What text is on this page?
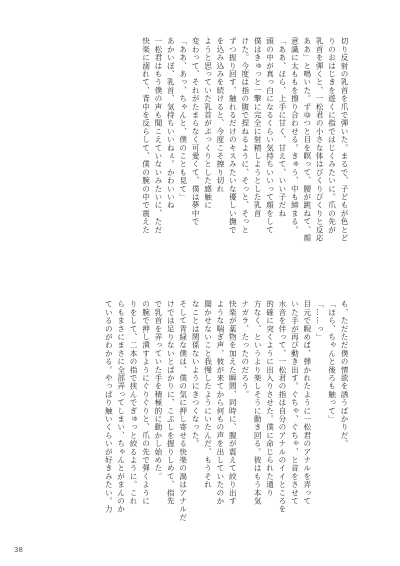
切り反射の乳首を爪で弾いた。まるで、子どもが色とど
りのおはじきを遊くに指ではじくみたいに。爪の先が
乳首を弾くと、一松君の小さな体はびくりびくりと反応
ああ」と鳴いた。ずゆつと目を瞑って、腰が跳ねて、顔
意識に太ももを擦り合わせる。きゅう、中も締まる。
「ああ、ほら、上手に甘く、甘えて、いい子だね
頭の中が真っ白になるくらい気持ちいいって顔をして
僕はきゅっと一撃に完全に射精しようとした乳首
けた。今度は指の腹で捏ねるように、そっと、そっと
ずつ振り回す、触れるだけのキスみたいな優しい撫で
を込み込みを続けると、今度こそ擦り切れ
ようと思っていた乳首がぷっくりとした感触に
変わって、それがたまらなく可愛くて、僕は夢中で
「ああ、あっ、ちゃんと、僕のことも見て」
あかいぼ、乳首、気持ちいいねぇ。かわいいね
一松君はもう僕の声も聞こえていないみたいに、ただ
快楽に溺れて、背中を反らして、僕の腕の中で震えた
も、ただただ僕の情欲を誘うばかりだ。
「ほら、ちゃんと後ろも触って」
「……っ」
目元で睨めば、弾かれたように一松君のアナルを弄って
いた手が再び動き出す。ぐちゃ、ぐちゃ、と音をさせて
水音を伴って、一松君の指は自分のアナルのイイところを
的確に突くように出入りさせた。僕に命じられた通り
方なく、というより楽しそうに動き回る。彼はもう本気
ナガラ、たったのだろう。
快楽が薬物を加えた瞬間、同時に、腹が震えて絞り出す
ような喘ぎ声、彼が来てから何もの声を出していたのか
聞かせないこと我慢したようにいたんだ、もうそれ
なことは関係ないようにきつくなった。
そして青緑な僕は、僕の気に押し寄せる快楽の渦はアナルだ
けでは足りないとばかりに、こぶしを握りしめて、指先
で乳首を弄っていた手を積極的に動かし始めた。
の腕で押し潰すようにぐりぐりと、爪の先で弾くように
りをして、二本の指で挟んでぎゅっと絞るように。これ
らもまさにまさに全部弄ってしまい、ちゃんとがまんのか
ているのがわかる。やっぱり触いくらいが好きみたい。力
38
